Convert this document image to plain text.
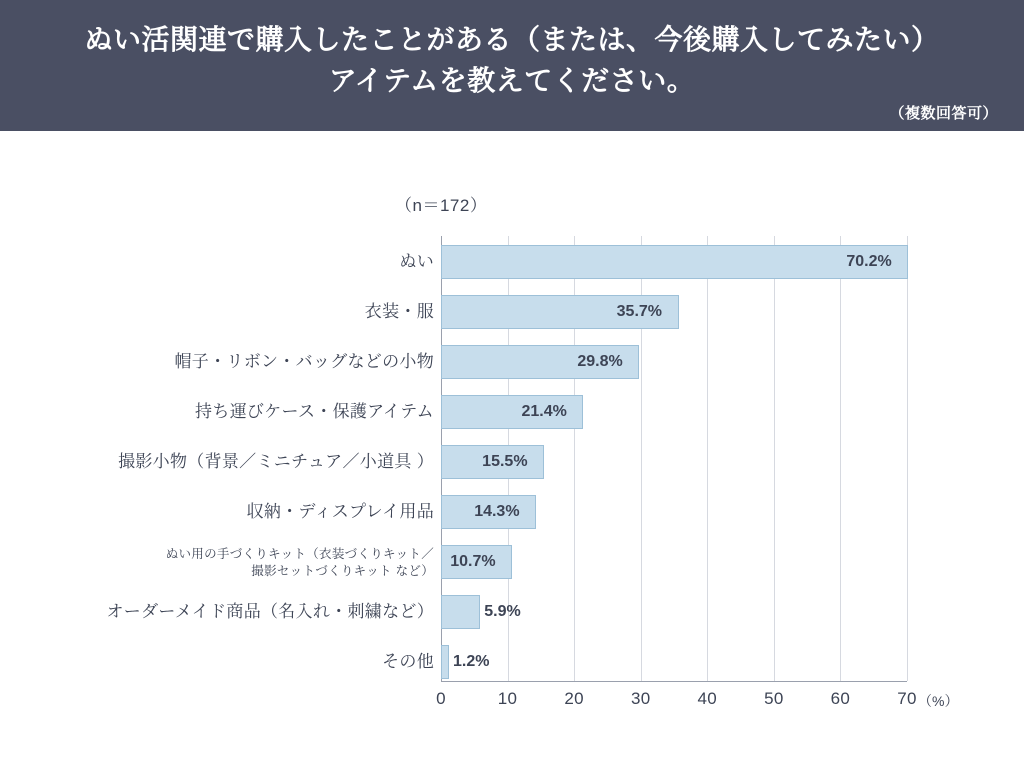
ぬい活関連で購入したことがある（または、今後購入してみたい）
アイテムを教えてください。
（複数回答可）
（n＝172）
0	10	20	30	40	50	60	70 （%）
ぬい	70.2%
衣装・服	35.7%
帽子・リボン・バッグなどの小物	29.8%
持ち運びケース・保護アイテム	21.4%
撮影小物（背景／ミニチュア／小道具 ）	15.5%
収納・ディスプレイ用品	14.3%
ぬい用の手づくりキット（衣装づくりキット／
撮影セットづくりキット など）
10.7%
オーダーメイド商品（名入れ・刺繍など）	5.9%
その他 1.2%
